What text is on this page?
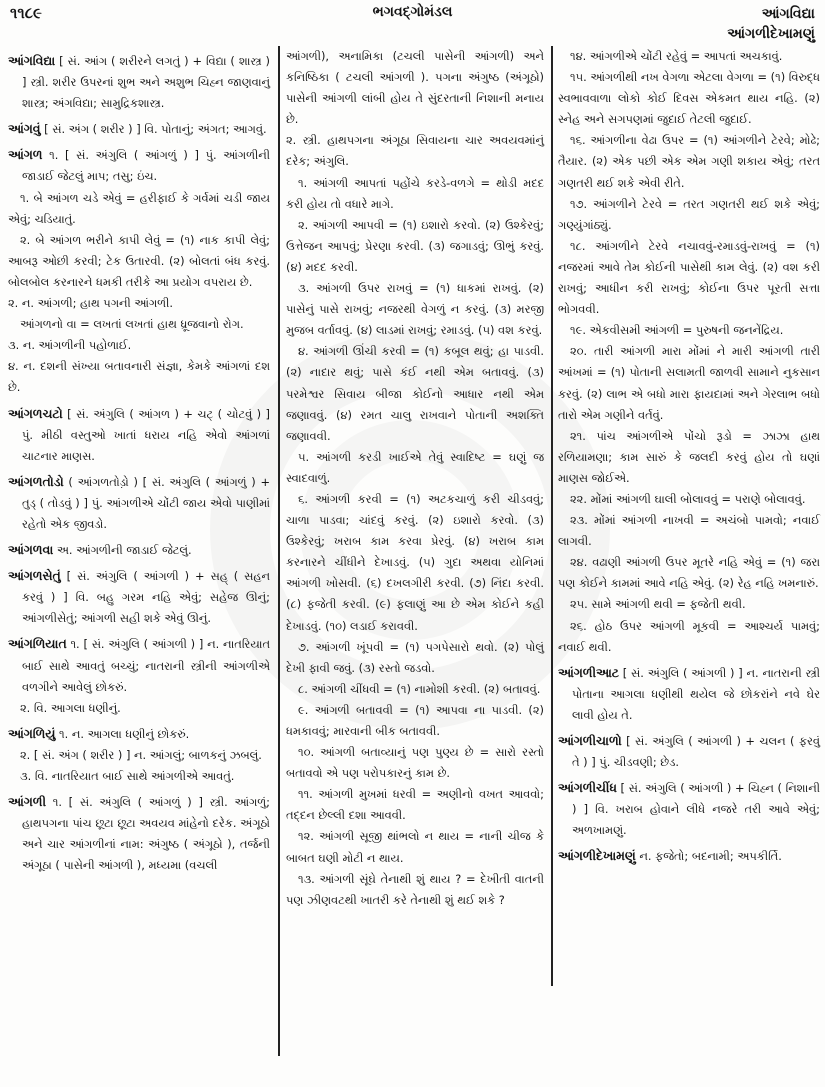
૧૧૮૯	ભગવદ્ગોમંડલ	આંગવિદ્યા
આંગળીદેખામણું

આંગવિદ્યા [ સં. આંગ ( શરીરને લગતું ) + વિદ્યા ( શાસ્ત્ર ) ] સ્ત્રી. શરીર ઉપરનાં શુભ અને અશુભ ચિહ્ન જાણવાનું શાસ્ત્ર; અંગવિદ્યા; સામુદ્રિકશાસ્ત્ર.

આંગવું [ સં. અંગ ( શરીર ) ] વિ. પોતાનું; અંગત; આગવું.

આંગળ ૧. [ સં. અંગુલિ ( આંગળું ) ] પું. આંગળીની જાડાઈ જેટલું માપ; તસુ; ઇંચ.

૧. બે આંગળ ચડે એવું = હરીફાઈ કે ગર્વમાં ચડી જાય એવું; ચડિયાતું.

૨. બે આંગળ ભરીને કાપી લેવું = (૧) નાક કાપી લેવું; આબરૂ ઓછી કરવી; ટેક ઉતારવી. (૨) બોલતાં બંધ કરવું. બોલબોલ કરનારને ધમકી તરીકે આ પ્રયોગ વપરાય છે.

૨. ન. આંગળી; હાથ પગની આંગળી.

આંગળનો વા = લખતાં લખતાં હાથ ધ્રૂજવાનો રોગ.

૩. ન. આંગળીની પહોળાઈ.

૪. ન. દશની સંખ્યા બતાવનારી સંજ્ઞા, કેમકે આંગળાં દશ છે.

આંગળચટો [ સં. અંગુલિ ( આંગળ ) + ચટ્ ( ચોટવું ) ] પું. મીઠી વસ્તુઓ ખાતાં ધરાય નહિ એવો આંગળાં ચાટનાર માણસ.

આંગળતોડો ( આંગળતોડ઼ો ) [ સં. અંગુલિ ( આંગળું ) + તુડ્ ( તોડવું ) ] પું. આંગળીએ ચોંટી જાય એવો પાણીમાં રહેતો એક જીવડો.

આંગળવા અ. આંગળીની જાડાઈ જેટલું.

આંગળસેતું [ સં. અંગુલિ ( આંગળી ) + સહ્ ( સહન કરવું ) ] વિ. બહુ ગરમ નહિ એવું; સહેજ ઊનું; આંગળીસેતું; આંગળી સહી શકે એવું ઊનું.

આંગળિયાત ૧. [ સં. અંગુલિ ( આંગળી ) ] ન. નાતરિયાત બાઈ સાથે આવતું બચ્ચું; નાતરાની સ્ત્રીની આંગળીએ વળગીને આવેલું છોકરું.

૨. વિ. આગલા ધણીનું.

આંગળિયું ૧. ન. આગલા ધણીનું છોકરું.

૨. [ સં. અંગ ( શરીર ) ] ન. આંગલું; બાળકનું ઝબલું.

૩. વિ. નાતરિયાત બાઈ સાથે આંગળીએ આવતું.

આંગળી ૧. [ સં. અંગુલિ ( આંગળું ) ] સ્ત્રી. આંગળું; હાથપગના પાંચ છૂટા છૂટા અવયવ માંહેનો દરેક. અંગૂઠો અને ચાર આંગળીનાં નામ: અંગુષ્ઠ ( અંગૂઠો ), તર્જની અંગૂઠા ( પાસેની આંગળી ), મધ્યમા (વચલી

આંગળી), અનામિકા (ટચલી પાસેની આંગળી) અને કનિષ્ઠિકા ( ટચલી આંગળી ). પગના અંગુષ્ઠ (અંગૂઠો) પાસેની આંગળી લાંબી હોય તે સુંદરતાની નિશાની મનાય છે.

૨. સ્ત્રી. હાથપગના અંગૂઠા સિવાયના ચાર અવયવમાંનું દરેક; અંગુલિ.

૧. આંગળી આપતાં પહોંચે કરડે-વળગે = થોડી મદદ કરી હોય તો વધારે માગે.

૨. આંગળી આપવી = (૧) ઇશારો કરવો. (૨) ઉશ્કેરવું; ઉત્તેજન આપવું; પ્રેરણા કરવી. (૩) જગાડવું; ઊભું કરવું. (૪) મદદ કરવી.

૩. આંગળી ઉપર રાખવું = (૧) ધાકમાં રાખવું. (૨) પાસેનું પાસે રાખવું; નજરથી વેગળું ન કરવું. (૩) મરજી મુજબ વર્તાવવું. (૪) લાડમાં રાખવું; રમાડવું. (૫) વશ કરવું.

૪. આંગળી ઊંચી કરવી = (૧) કબૂલ થવું; હા પાડવી. (૨) નાદાર થવું; પાસે કંઈ નથી એમ બતાવવું. (૩) પરમેશ્વર સિવાય બીજા કોઈનો આધાર નથી એમ જણાવવું. (૪) રમત ચાલુ રાખવાને પોતાની અશક્તિ જણાવવી.

૫. આંગળી કરડી ખાઈએ તેવું સ્વાદિષ્ટ = ઘણું જ સ્વાદવાળું.

૬. આંગળી કરવી = (૧) અટકચાળું કરી ચીડવવું; ચાળા પાડવા; ચાંદવું કરવું. (૨) ઇશારો કરવો. (૩) ઉશ્કેરવું; ખરાબ કામ કરવા પ્રેરવું. (૪) ખરાબ કામ કરનારને ચીંધીને દેખાડવું. (૫) ગુદા અથવા યોનિમાં આંગળી ખોસવી. (૬) દખલગીરી કરવી. (૭) નિંદા કરવી. (૮) ફજેતી કરવી. (૯) ફલાણું આ છે એમ કોઈને કહી દેખાડવું. (૧૦) લડાઈ કરાવવી.

૭. આંગળી ખૂંપવી = (૧) પગપેસારો થવો. (૨) પોલું દેખી ફાવી જવું. (૩) રસ્તો જડવો.

૮. આંગળી ચીંધવી = (૧) નામોશી કરવી. (૨) બતાવવું.

૯. આંગળી બતાવવી = (૧) આપવા ના પાડવી. (૨) ધમકાવવું; મારવાની બીક બતાવવી.

૧૦. આંગળી બતાવ્યાનું પણ પુણ્ય છે = સારો રસ્તો બતાવવો એ પણ પરોપકારનું કામ છે.

૧૧. આંગળી મુખમાં ધરવી = અણીનો વખત આવવો; તદ્દન છેલ્લી દશા આવવી.

૧૨. આંગળી સૂજી થાંભલો ન થાય = નાની ચીજ કે બાબત ઘણી મોટી ન થાય.

૧૩. આંગળી સૂંઘે તેનાથી શું થાય ? = દેખીતી વાતની પણ ઝીણવટથી ખાતરી કરે તેનાથી શું થઈ શકે ?

૧૪. આંગળીએ ચોંટી રહેવું = આપતાં અચકાવું.

૧૫. આંગળીથી નખ વેગળા એટલા વેગળા = (૧) વિરુદ્ધ સ્વભાવવાળા લોકો કોઈ દિવસ એકમત થાય નહિ. (૨) સ્નેહ અને સગપણમાં જુદાઈ તેટલી જુદાઈ.

૧૬. આંગળીના વેઢા ઉપર = (૧) આંગળીને ટેરવે; મોઢે; તૈયાર. (૨) એક પછી એક એમ ગણી શકાય એવું; તરત ગણતરી થઈ શકે એવી રીતે.

૧૭. આંગળીને ટેરવે = તરત ગણતરી થઈ શકે એવું; ગણ્યુંગાંઠ્યું.

૧૮. આંગળીને ટેરવે નચાવવું-રમાડવું-રાખવું = (૧) નજરમાં આવે તેમ કોઈની પાસેથી કામ લેવું. (૨) વશ કરી રાખવું; આધીન કરી રાખવું; કોઈના ઉપર પૂરતી સત્તા ભોગવવી.

૧૯. એકવીસમી આંગળી = પુરુષની જનનેંદ્રિય.

૨૦. તારી આંગળી મારા મોંમાં ને મારી આંગળી તારી આંખમાં = (૧) પોતાની સલામતી જાળવી સામાને નુકસાન કરવું. (૨) લાભ એ બધો મારા ફાયદામાં અને ગેરલાભ બધો તારો એમ ગણીને વર્તવું.

૨૧. પાંચ આંગળીએ પોંચો રૂડો = ઝાઝા હાથ રળિયામણા; કામ સારું કે જલદી કરવું હોય તો ઘણાં માણસ જોઈએ.

૨૨. મોંમાં આંગળી ઘાલી બોલાવવું = પરાણે બોલાવવું.

૨૩. મોંમાં આંગળી નાખવી = અચંબો પામવો; નવાઈ લાગવી.

૨૪. વઢાણી આંગળી ઉપર મૂતરે નહિ એવું = (૧) જરા પણ કોઈને કામમાં આવે નહિ એવું. (૨) રેહ નહિ ખમનારું.

૨૫. સામે આંગળી થવી = ફજેતી થવી.

૨૬. હોઠ ઉપર આંગળી મૂકવી = આશ્ચર્ય પામવું; નવાઈ થવી.

આંગળીઆટ [ સં. અંગુલિ ( આંગળી ) ] ન. નાતરાની સ્ત્રી પોતાના આગલા ધણીથી થયેલ જે છોકરાંને નવે ઘેર લાવી હોય તે.

આંગળીચાળો [ સં. અંગુલિ ( આંગળી ) + ચલન ( ફરવું તે ) ] પું. ચીડવણી; છેડ.

આંગળીચીંધ [ સં. અંગુલિ ( આંગળી ) + ચિહ્ન ( નિશાની ) ] વિ. ખરાબ હોવાને લીધે નજરે તરી આવે એવું; અળખામણું.

આંગળીદેખામણું ન. ફજેતો; બદનામી; અપકીર્તિ.
